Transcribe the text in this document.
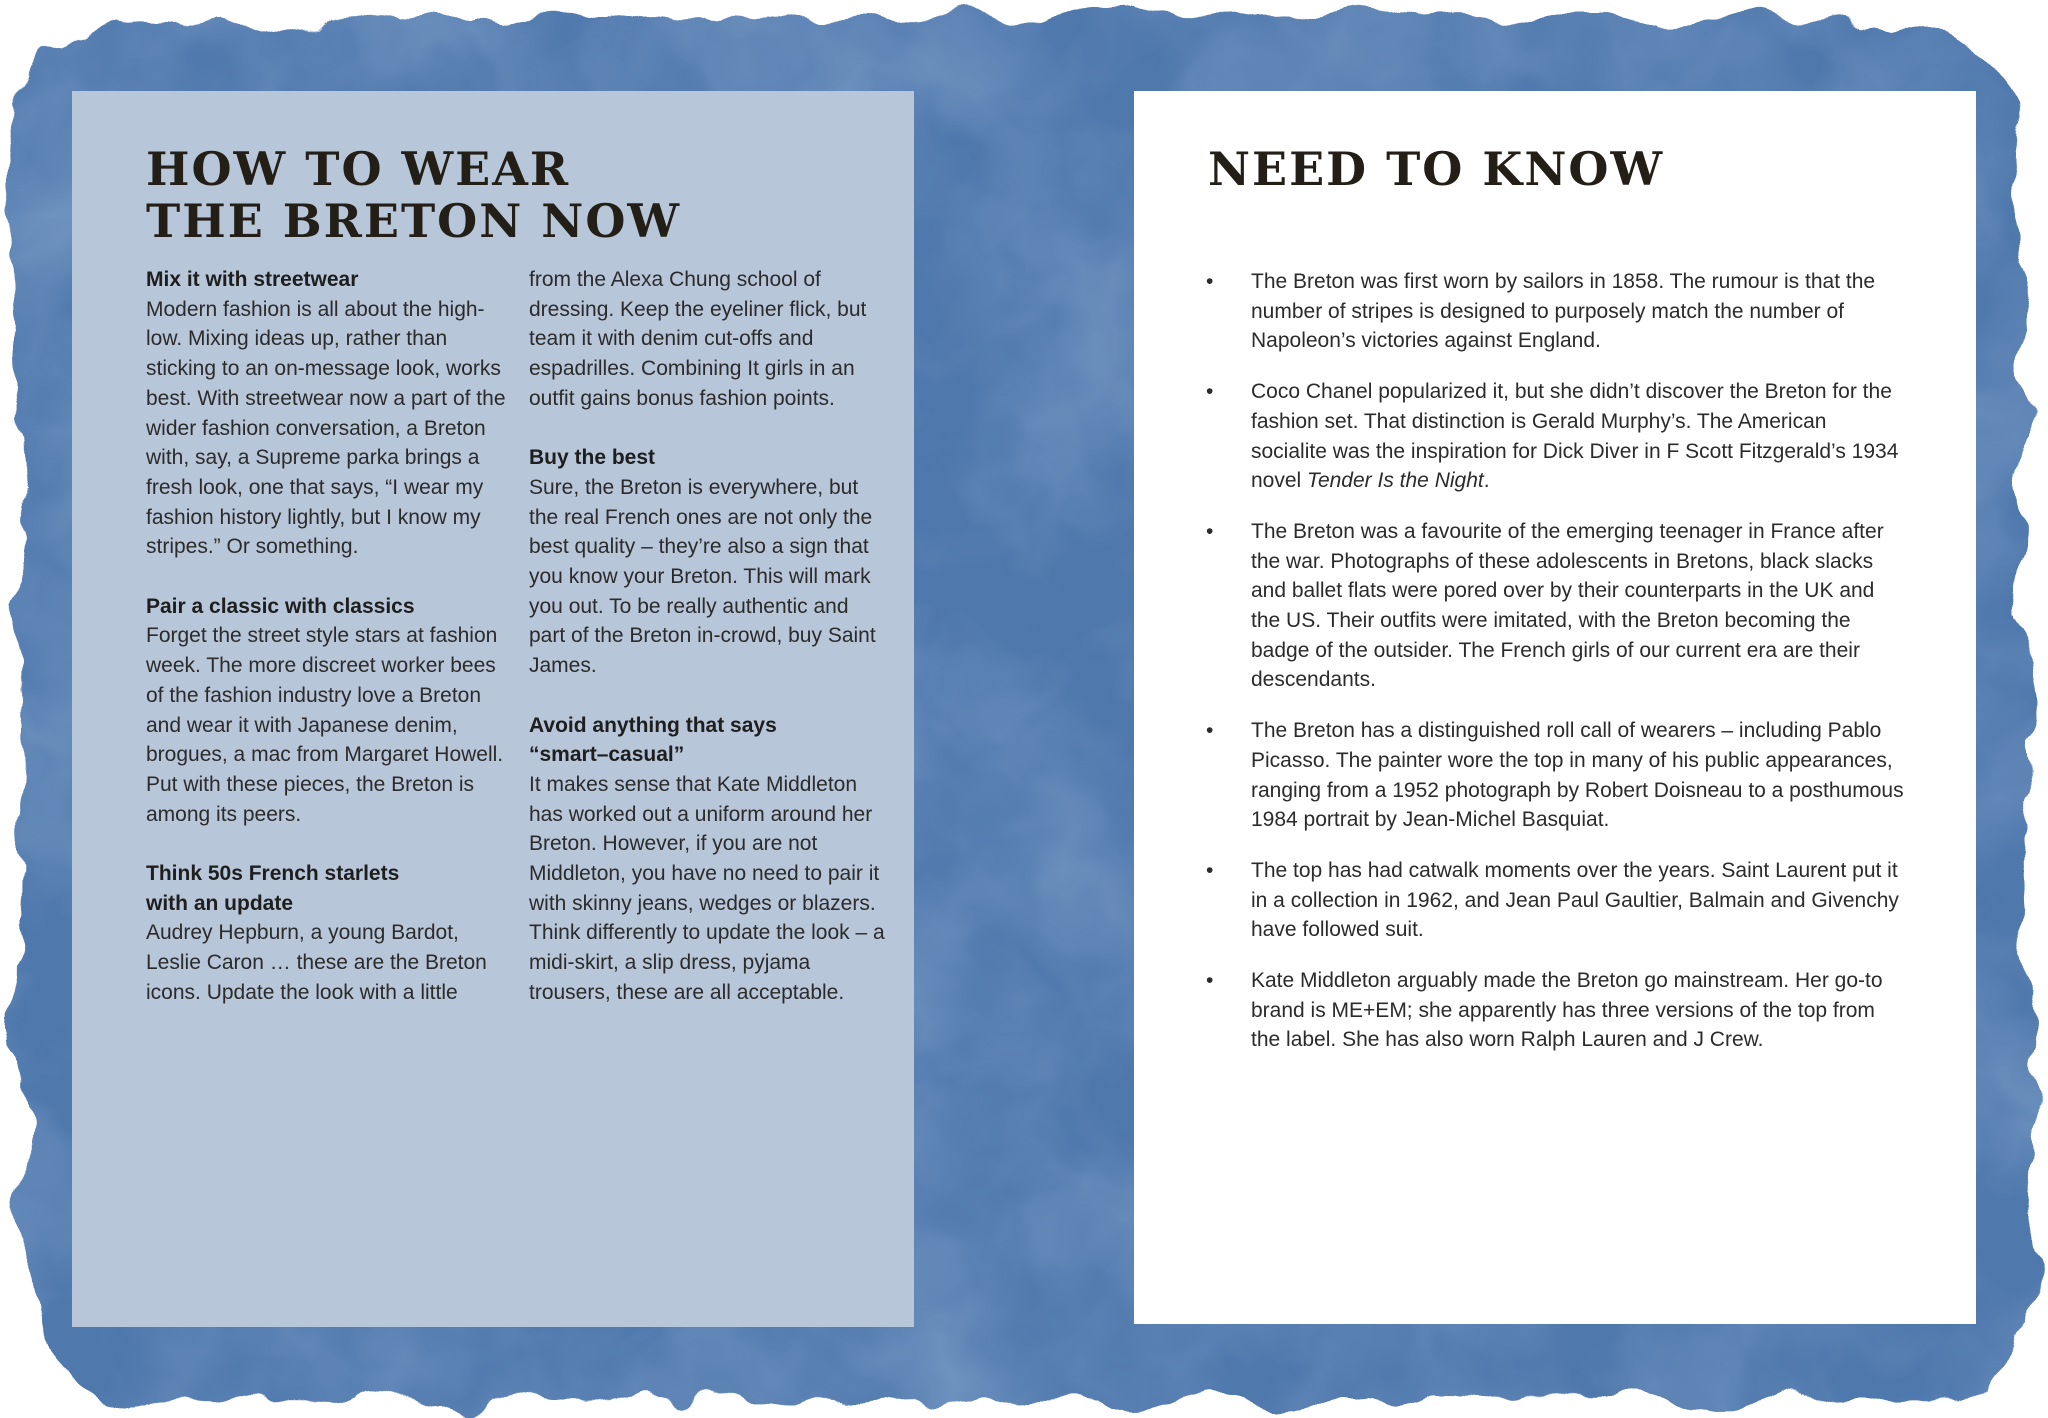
HOW TO WEAR
THE BRETON NOW

Mix it with streetwear
Modern fashion is all about the high-low. Mixing ideas up, rather than sticking to an on-message look, works best. With streetwear now a part of the wider fashion conversation, a Breton with, say, a Supreme parka brings a fresh look, one that says, “I wear my fashion history lightly, but I know my stripes.” Or something.

Pair a classic with classics
Forget the street style stars at fashion week. The more discreet worker bees of the fashion industry love a Breton and wear it with Japanese denim, brogues, a mac from Margaret Howell. Put with these pieces, the Breton is among its peers.

Think 50s French starlets with an update
Audrey Hepburn, a young Bardot, Leslie Caron … these are the Breton icons. Update the look with a little

from the Alexa Chung school of dressing. Keep the eyeliner flick, but team it with denim cut-offs and espadrilles. Combining It girls in an outfit gains bonus fashion points.

Buy the best
Sure, the Breton is everywhere, but the real French ones are not only the best quality – they’re also a sign that you know your Breton. This will mark you out. To be really authentic and part of the Breton in-crowd, buy Saint James.

Avoid anything that says “smart–casual”
It makes sense that Kate Middleton has worked out a uniform around her Breton. However, if you are not Middleton, you have no need to pair it with skinny jeans, wedges or blazers. Think differently to update the look – a midi-skirt, a slip dress, pyjama trousers, these are all acceptable.

NEED TO KNOW
• The Breton was first worn by sailors in 1858. The rumour is that the number of stripes is designed to purposely match the number of Napoleon’s victories against England.
• Coco Chanel popularized it, but she didn’t discover the Breton for the fashion set. That distinction is Gerald Murphy’s. The American socialite was the inspiration for Dick Diver in F Scott Fitzgerald’s 1934 novel Tender Is the Night.
• The Breton was a favourite of the emerging teenager in France after the war. Photographs of these adolescents in Bretons, black slacks and ballet flats were pored over by their counterparts in the UK and the US. Their outfits were imitated, with the Breton becoming the badge of the outsider. The French girls of our current era are their descendants.
• The Breton has a distinguished roll call of wearers – including Pablo Picasso. The painter wore the top in many of his public appearances, ranging from a 1952 photograph by Robert Doisneau to a posthumous 1984 portrait by Jean-Michel Basquiat.
• The top has had catwalk moments over the years. Saint Laurent put it in a collection in 1962, and Jean Paul Gaultier, Balmain and Givenchy have followed suit.
• Kate Middleton arguably made the Breton go mainstream. Her go-to brand is ME+EM; she apparently has three versions of the top from the label. She has also worn Ralph Lauren and J Crew.
